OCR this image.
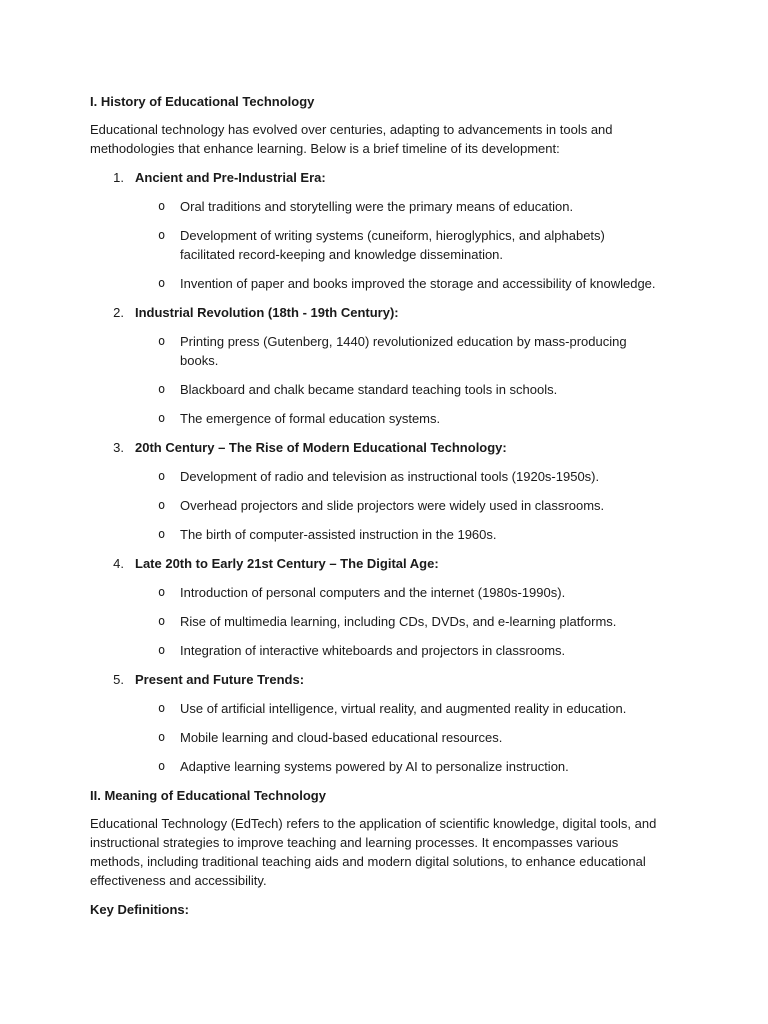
I. History of Educational Technology
Educational technology has evolved over centuries, adapting to advancements in tools and methodologies that enhance learning. Below is a brief timeline of its development:
1. Ancient and Pre-Industrial Era:
o	Oral traditions and storytelling were the primary means of education.
o	Development of writing systems (cuneiform, hieroglyphics, and alphabets) facilitated record-keeping and knowledge dissemination.
o	Invention of paper and books improved the storage and accessibility of knowledge.
2. Industrial Revolution (18th - 19th Century):
o	Printing press (Gutenberg, 1440) revolutionized education by mass-producing books.
o	Blackboard and chalk became standard teaching tools in schools.
o	The emergence of formal education systems.
3. 20th Century – The Rise of Modern Educational Technology:
o	Development of radio and television as instructional tools (1920s-1950s).
o	Overhead projectors and slide projectors were widely used in classrooms.
o	The birth of computer-assisted instruction in the 1960s.
4. Late 20th to Early 21st Century – The Digital Age:
o	Introduction of personal computers and the internet (1980s-1990s).
o	Rise of multimedia learning, including CDs, DVDs, and e-learning platforms.
o	Integration of interactive whiteboards and projectors in classrooms.
5. Present and Future Trends:
o	Use of artificial intelligence, virtual reality, and augmented reality in education.
o	Mobile learning and cloud-based educational resources.
o	Adaptive learning systems powered by AI to personalize instruction.
II. Meaning of Educational Technology
Educational Technology (EdTech) refers to the application of scientific knowledge, digital tools, and instructional strategies to improve teaching and learning processes. It encompasses various methods, including traditional teaching aids and modern digital solutions, to enhance educational effectiveness and accessibility.
Key Definitions:
